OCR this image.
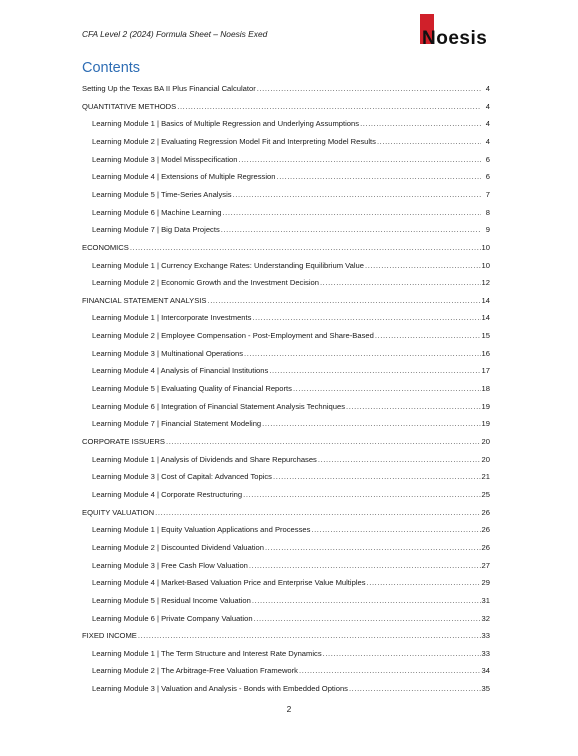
CFA Level 2 (2024) Formula Sheet – Noesis Exed	Noesis
Contents
Setting Up the Texas BA II Plus Financial Calculator .....	4
QUANTITATIVE METHODS .....	4
Learning Module 1 | Basics of Multiple Regression and Underlying Assumptions .....	4
Learning Module 2 | Evaluating Regression Model Fit and Interpreting Model Results .....	4
Learning Module 3 | Model Misspecification .....	6
Learning Module 4 | Extensions of Multiple Regression .....	6
Learning Module 5 | Time-Series Analysis .....	7
Learning Module 6 | Machine Learning .....	8
Learning Module 7 | Big Data Projects .....	9
ECONOMICS .....	10
Learning Module 1 | Currency Exchange Rates: Understanding Equilibrium Value .....	10
Learning Module 2 | Economic Growth and the Investment Decision .....	12
FINANCIAL STATEMENT ANALYSIS .....	14
Learning Module 1 | Intercorporate Investments .....	14
Learning Module 2 | Employee Compensation - Post-Employment and Share-Based .....	15
Learning Module 3 | Multinational Operations .....	16
Learning Module 4 | Analysis of Financial Institutions .....	17
Learning Module 5 | Evaluating Quality of Financial Reports .....	18
Learning Module 6 | Integration of Financial Statement Analysis Techniques .....	19
Learning Module 7 | Financial Statement Modeling .....	19
CORPORATE ISSUERS .....	20
Learning Module 1 | Analysis of Dividends and Share Repurchases .....	20
Learning Module 3 | Cost of Capital: Advanced Topics .....	21
Learning Module 4 | Corporate Restructuring .....	25
EQUITY VALUATION .....	26
Learning Module 1 | Equity Valuation Applications and Processes .....	26
Learning Module 2 | Discounted Dividend Valuation .....	26
Learning Module 3 | Free Cash Flow Valuation .....	27
Learning Module 4 | Market-Based Valuation Price and Enterprise Value Multiples .....	29
Learning Module 5 | Residual Income Valuation .....	31
Learning Module 6 | Private Company Valuation .....	32
FIXED INCOME .....	33
Learning Module 1 | The Term Structure and Interest Rate Dynamics .....	33
Learning Module 2 | The Arbitrage-Free Valuation Framework .....	34
Learning Module 3 | Valuation and Analysis - Bonds with Embedded Options .....	35
2
